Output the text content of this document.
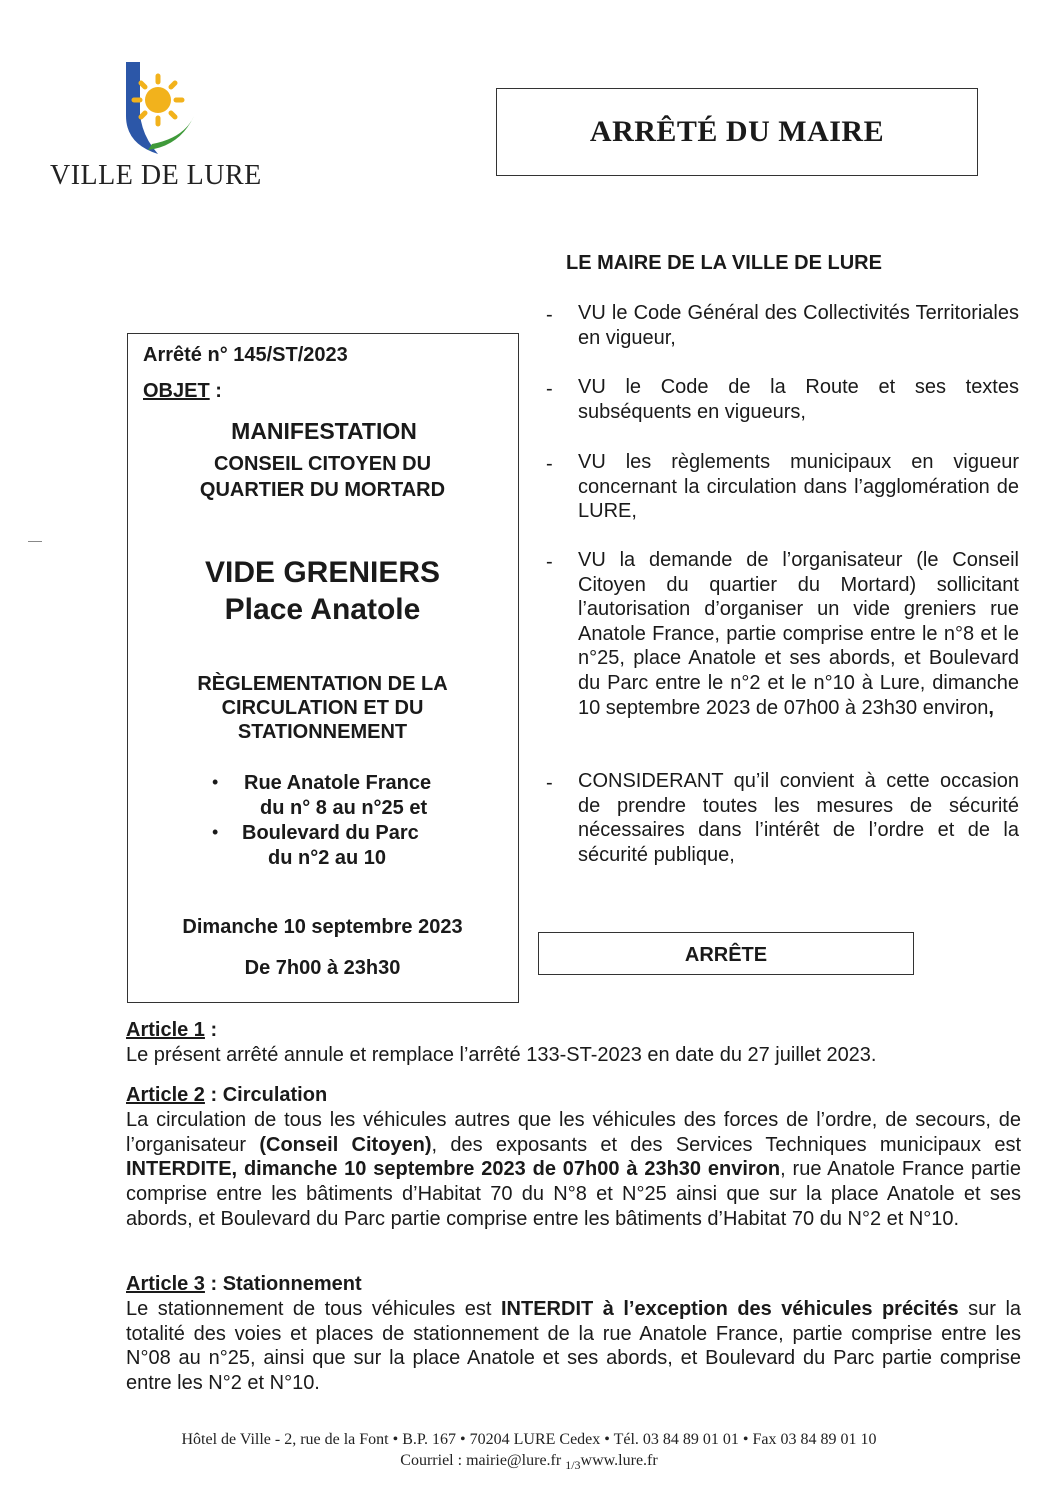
VILLE DE LURE
ARRÊTÉ DU MAIRE
LE MAIRE DE LA VILLE DE LURE
Arrêté n° 145/ST/2023
OBJET :
MANIFESTATION
CONSEIL CITOYEN DU
QUARTIER DU MORTARD
VIDE GRENIERS
Place Anatole
RÈGLEMENTATION DE LA
CIRCULATION ET DU
STATIONNEMENT
• Rue Anatole France
du n° 8 au n°25 et
• Boulevard du Parc
du n°2 au 10
Dimanche 10 septembre 2023
De 7h00 à 23h30
- VU le Code Général des Collectivités Territoriales en vigueur,
- VU le Code de la Route et ses textes subséquents en vigueurs,
- VU les règlements municipaux en vigueur concernant la circulation dans l’agglomération de LURE,
- VU la demande de l’organisateur (le Conseil Citoyen du quartier du Mortard) sollicitant l’autorisation d’organiser un vide greniers rue Anatole France, partie comprise entre le n°8 et le n°25, place Anatole et ses abords, et Boulevard du Parc entre le n°2 et le n°10 à Lure, dimanche 10 septembre 2023 de 07h00 à 23h30 environ,
- CONSIDERANT qu’il convient à cette occasion de prendre toutes les mesures de sécurité nécessaires dans l’intérêt de l’ordre et de la sécurité publique,
ARRÊTE
Article 1 :
Le présent arrêté annule et remplace l’arrêté 133-ST-2023 en date du 27 juillet 2023.
Article 2 : Circulation
La circulation de tous les véhicules autres que les véhicules des forces de l’ordre, de secours, de l’organisateur (Conseil Citoyen), des exposants et des Services Techniques municipaux est INTERDITE, dimanche 10 septembre 2023 de 07h00 à 23h30 environ, rue Anatole France partie comprise entre les bâtiments d’Habitat 70 du N°8 et N°25 ainsi que sur la place Anatole et ses abords, et Boulevard du Parc partie comprise entre les bâtiments d’Habitat 70 du N°2 et N°10.
Article 3 : Stationnement
Le stationnement de tous véhicules est INTERDIT à l’exception des véhicules précités sur la totalité des voies et places de stationnement de la rue Anatole France, partie comprise entre les N°08 au n°25, ainsi que sur la place Anatole et ses abords, et Boulevard du Parc partie comprise entre les N°2 et N°10.
Hôtel de Ville - 2, rue de la Font • B.P. 167 • 70204 LURE Cedex • Tél. 03 84 89 01 01 • Fax 03 84 89 01 10
Courriel : mairie@lure.fr $_{1/3}$www.lure.fr
